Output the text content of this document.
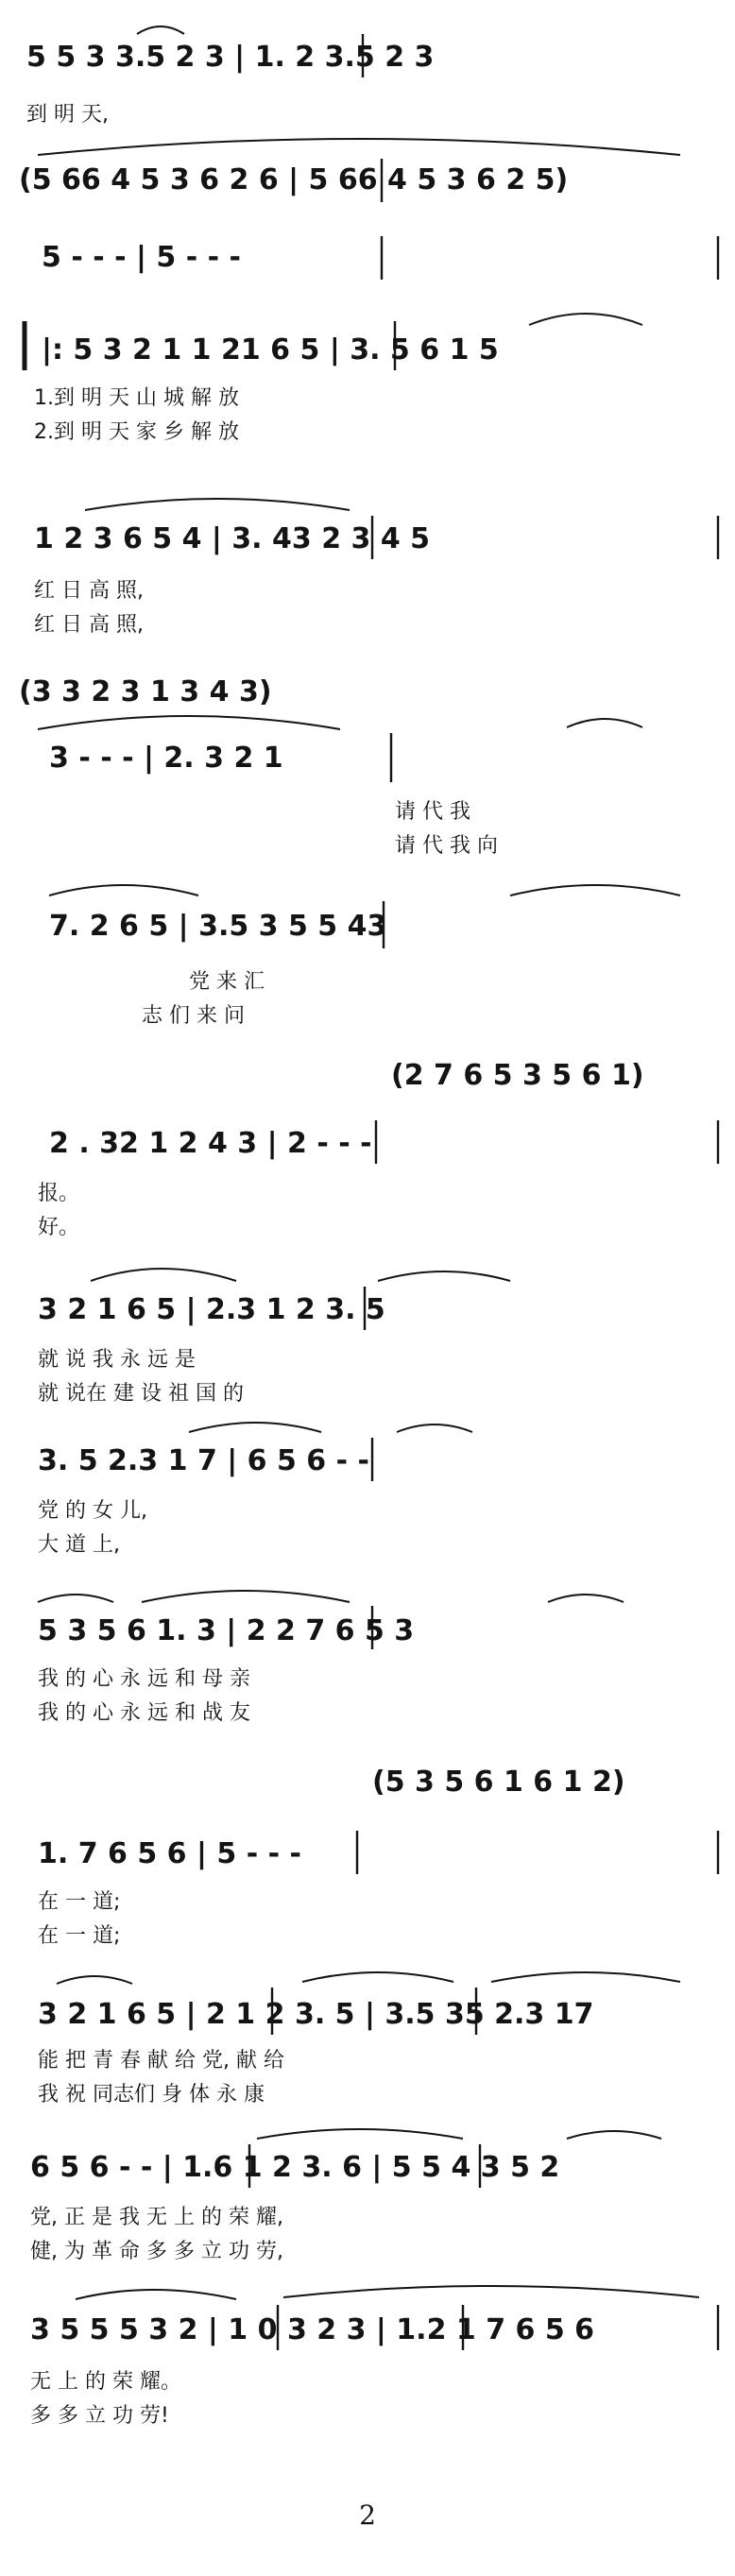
5 5 3 3.5 2 3 | 1. 2 3.5 2 3
到 明 天,
(5 66 4 5 3 6 2 6 | 5 66 4 5 3 6 2 5)
5 - - - | 5 - - -
|: 5 3 2 1 1 21 6 5 | 3. 5 6 1 5
1.到 明 天 山 城 解 放
2.到 明 天 家 乡 解 放
1 2 3 6 5 4 | 3. 43 2 3 4 5
红 日 高 照,
红 日 高 照,
(3 3 2 3 1 3 4 3)
3 - - - | 2. 3 2 1
请 代 我
请 代 我 向
7. 2 6 5 | 3.5 3 5 5 43
党 来 汇
志 们 来 问
(2 7 6 5 3 5 6 1)
2 . 32 1 2 4 3 | 2 - - -
报。
好。
3 2 1 6 5 | 2.3 1 2 3. 5
就 说 我 永 远 是
就 说在 建 设 祖 国 的
3. 5 2.3 1 7 | 6 5 6 - -
党 的 女 儿,
大 道 上,
5 3 5 6 1. 3 | 2 2 7 6 5 3
我 的 心 永 远 和 母 亲
我 的 心 永 远 和 战 友
(5 3 5 6 1 6 1 2)
1. 7 6 5 6 | 5 - - -
在 一 道;
在 一 道;
3 2 1 6 5 | 2 1 2 3. 5 | 3.5 35 2.3 17
能 把 青 春 献 给 党, 献 给
我 祝 同志们 身 体 永 康
6 5 6 - - | 1.6 1 2 3. 6 | 5 5 4 3 5 2
党, 正 是 我 无 上 的 荣 耀,
健, 为 革 命 多 多 立 功 劳,
3 5 5 5 3 2 | 1 0 3 2 3 | 1.2 1 7 6 5 6
无 上 的 荣 耀。
多 多 立 功 劳!
2
